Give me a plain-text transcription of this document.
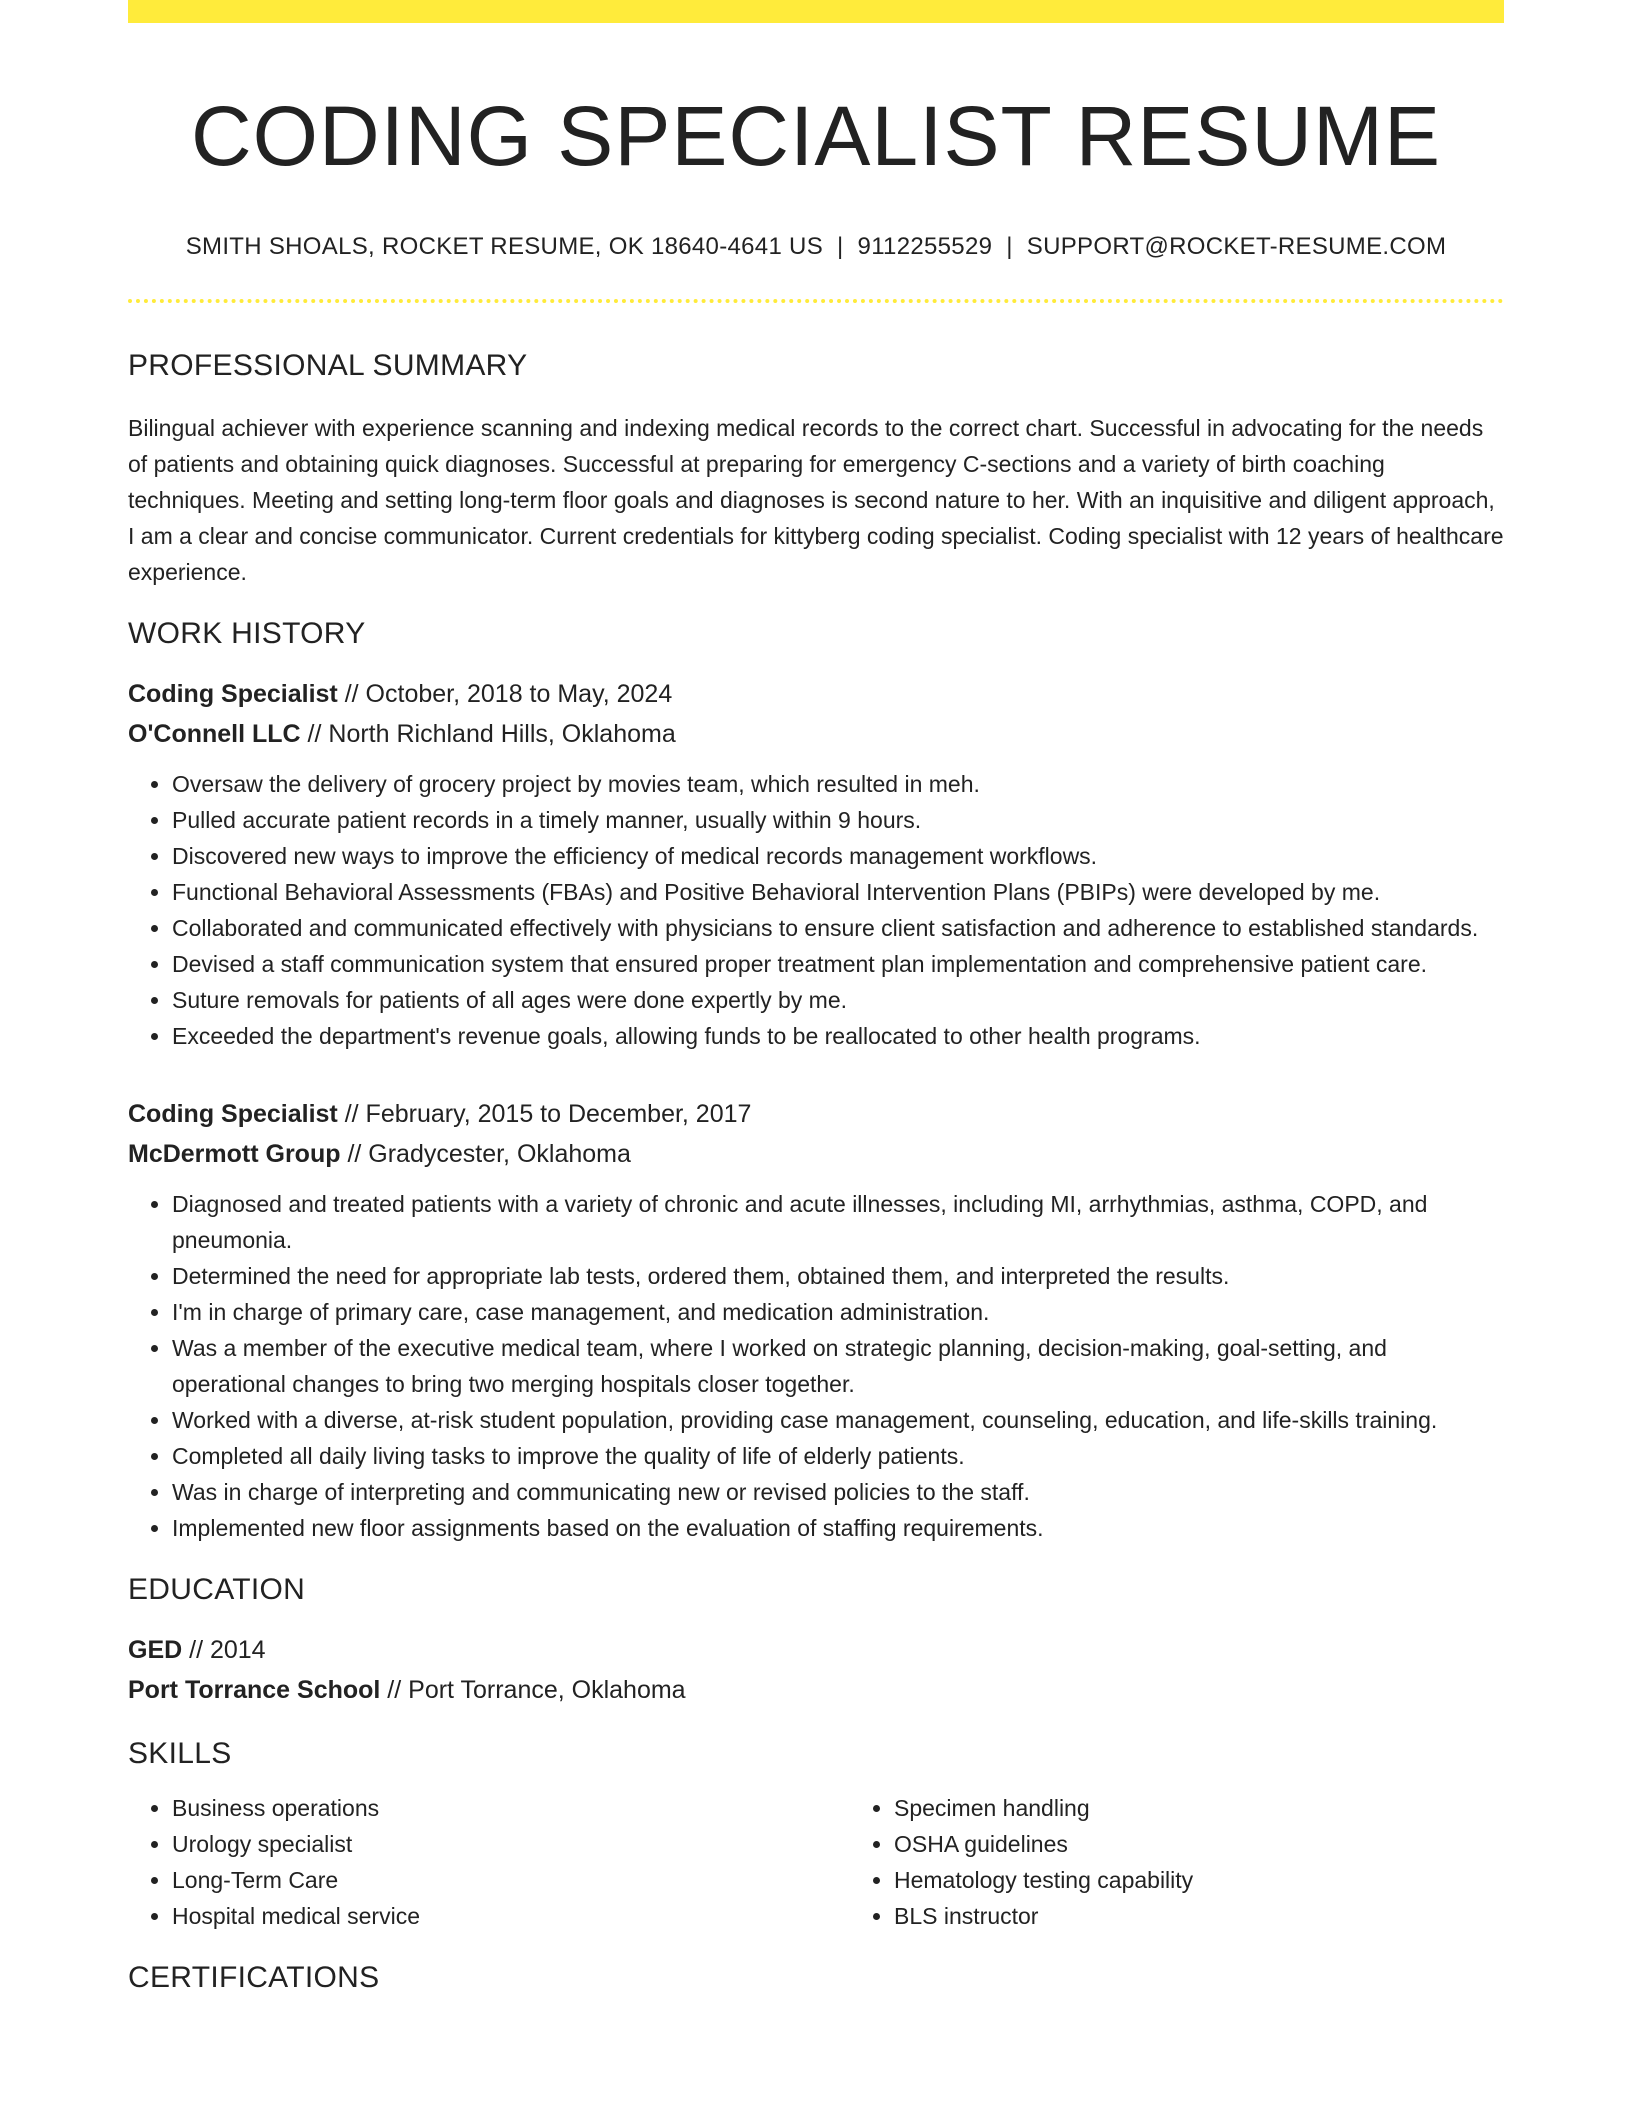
CODING SPECIALIST RESUME
SMITH SHOALS, ROCKET RESUME, OK 18640-4641 US | 9112255529 | SUPPORT@ROCKET-RESUME.COM
PROFESSIONAL SUMMARY

Bilingual achiever with experience scanning and indexing medical records to the correct chart. Successful in advocating for the needs of patients and obtaining quick diagnoses. Successful at preparing for emergency C-sections and a variety of birth coaching techniques. Meeting and setting long-term floor goals and diagnoses is second nature to her. With an inquisitive and diligent approach, I am a clear and concise communicator. Current credentials for kittyberg coding specialist. Coding specialist with 12 years of healthcare experience.

WORK HISTORY
Coding Specialist // October, 2018 to May, 2024
O'Connell LLC // North Richland Hills, Oklahoma
• Oversaw the delivery of grocery project by movies team, which resulted in meh.
• Pulled accurate patient records in a timely manner, usually within 9 hours.
• Discovered new ways to improve the efficiency of medical records management workflows.
• Functional Behavioral Assessments (FBAs) and Positive Behavioral Intervention Plans (PBIPs) were developed by me.
• Collaborated and communicated effectively with physicians to ensure client satisfaction and adherence to established standards.
• Devised a staff communication system that ensured proper treatment plan implementation and comprehensive patient care.
• Suture removals for patients of all ages were done expertly by me.
• Exceeded the department's revenue goals, allowing funds to be reallocated to other health programs.
Coding Specialist // February, 2015 to December, 2017
McDermott Group // Gradycester, Oklahoma
• Diagnosed and treated patients with a variety of chronic and acute illnesses, including MI, arrhythmias, asthma, COPD, and pneumonia.
• Determined the need for appropriate lab tests, ordered them, obtained them, and interpreted the results.
• I'm in charge of primary care, case management, and medication administration.
• Was a member of the executive medical team, where I worked on strategic planning, decision-making, goal-setting, and operational changes to bring two merging hospitals closer together.
• Worked with a diverse, at-risk student population, providing case management, counseling, education, and life-skills training.
• Completed all daily living tasks to improve the quality of life of elderly patients.
• Was in charge of interpreting and communicating new or revised policies to the staff.
• Implemented new floor assignments based on the evaluation of staffing requirements.
EDUCATION
GED // 2014
Port Torrance School // Port Torrance, Oklahoma
SKILLS
• Business operations
• Urology specialist
• Long-Term Care
• Hospital medical service
• Specimen handling
• OSHA guidelines
• Hematology testing capability
• BLS instructor
CERTIFICATIONS
